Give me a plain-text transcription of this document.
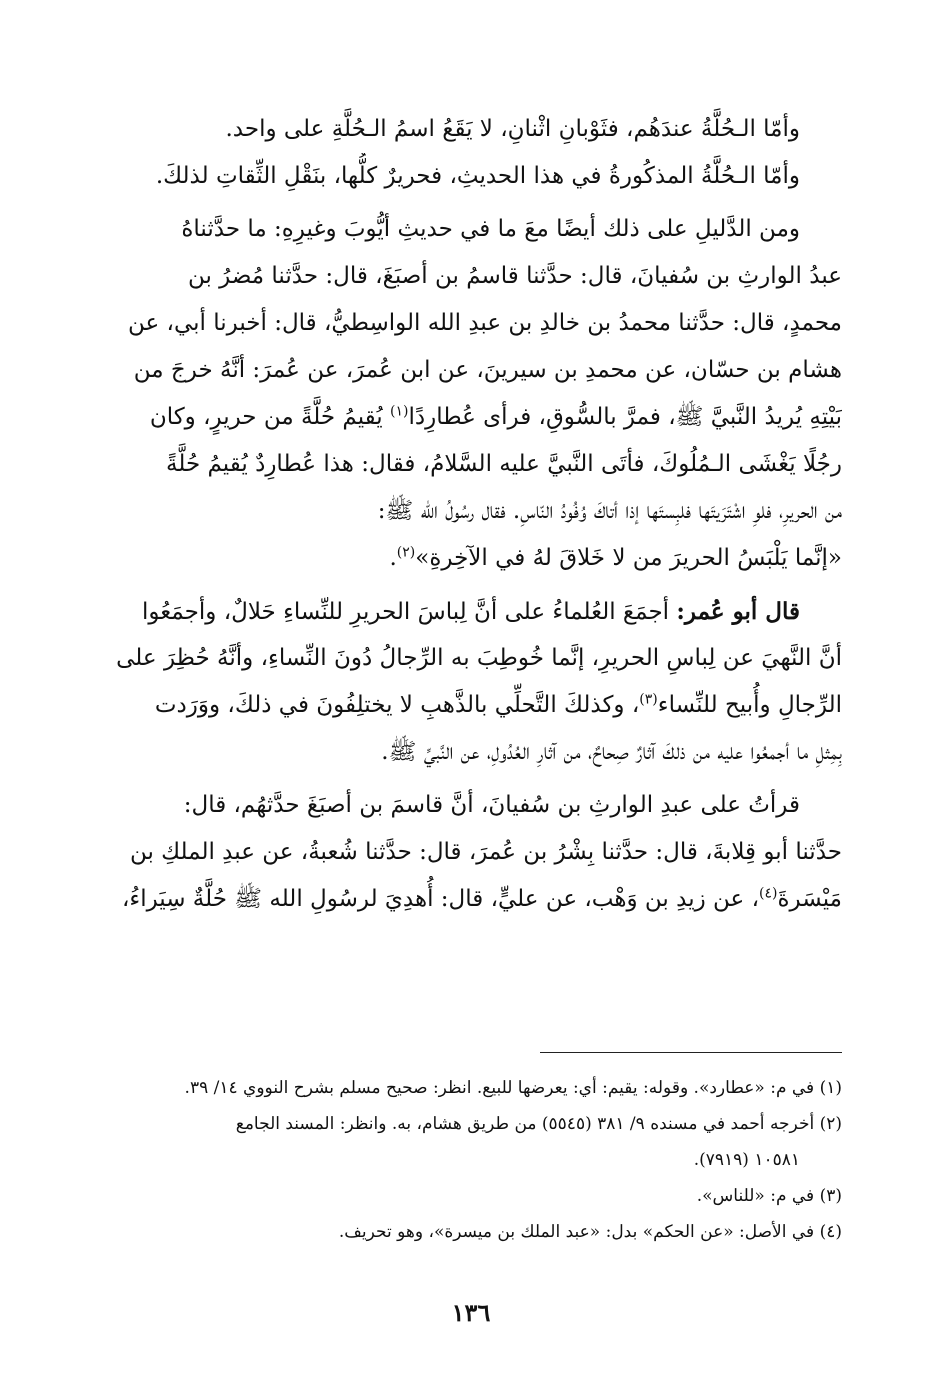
وأمّا الـحُلَّةُ عندَهُم، فثَوْبانِ اثْنانِ، لا يَقَعُ اسمُ الـحُلَّةِ على واحد.
وأمّا الـحُلَّةُ المذكُورةُ في هذا الحديثِ، فحريرٌ كلُّها، بنَقْلِ الثِّقاتِ لذلكَ.
ومن الدَّليلِ على ذلك أيضًا معَ ما في حديثِ أيُّوبَ وغيرِهِ: ما حدَّثناهُ
عبدُ الوارثِ بن سُفيانَ، قال: حدَّثنا قاسمُ بن أصبَغَ، قال: حدَّثنا مُضرُ بن
محمدٍ، قال: حدَّثنا محمدُ بن خالدِ بن عبدِ الله الواسِطيُّ، قال: أخبرنا أبي، عن
هشام بن حسّان، عن محمدِ بن سيرينَ، عن ابن عُمرَ، عن عُمرَ: أنَّهُ خرجَ من
بَيْتِهِ يُريدُ النَّبيَّ ﷺ، فمرَّ بالسُّوقِ، فرأى عُطارِدًا$^{(١)}$ يُقيمُ حُلَّةً من حريرٍ، وكان
رجُلًا يَغْشَى الـمُلُوكَ، فأتَى النَّبيَّ عليه السَّلامُ، فقال: هذا عُطارِدٌ يُقيمُ حُلَّةً
من الحريرِ، فلوِ اشْتَرَيتَها فلبِستَها إذا أتاكَ وُفُودُ النّاسِ. فقال رسُولُ الله ﷺ:
«إنَّما يَلْبَسُ الحريرَ من لا خَلاقَ لهُ في الآخِرةِ»$^{(٢)}$.
قال أبو عُمر: أجمَعَ العُلماءُ على أنَّ لِباسَ الحريرِ للنِّساءِ حَلالٌ، وأجمَعُوا
أنَّ النَّهيَ عن لِباسِ الحريرِ، إنَّما خُوطِبَ به الرِّجالُ دُونَ النِّساءِ، وأنَّهُ حُظِرَ على
الرِّجالِ وأُبيح للنِّساء$^{(٣)}$، وكذلكَ التَّحلِّي بالذَّهبِ لا يختلِفُونَ في ذلكَ، ووَرَدت
بِمِثلِ ما أجمعُوا عليه من ذلكَ آثارٌ صِحاحٌ، من آثارِ العُدُولِ، عن النَّبيِّ ﷺ.
قرأتُ على عبدِ الوارثِ بن سُفيانَ، أنَّ قاسمَ بن أصبَغَ حدَّثهُم، قال:
حدَّثنا أبو قِلابةَ، قال: حدَّثنا بِشْرُ بن عُمرَ، قال: حدَّثنا شُعبةُ، عن عبدِ الملكِ بن
مَيْسَرةَ$^{(٤)}$، عن زيدِ بن وَهْب، عن عليٍّ، قال: أُهدِيَ لرسُولِ الله ﷺ حُلَّةٌ سِيَراءُ،
(١) في م: «عطارد». وقوله: يقيم: أي: يعرضها للبيع. انظر: صحيح مسلم بشرح النووي ١٤/ ٣٩.
(٢) أخرجه أحمد في مسنده ٩/ ٣٨١ (٥٥٤٥) من طريق هشام، به. وانظر: المسند الجامع
١٠٥٨١ (٧٩١٩).
(٣) في م: «للناس».
(٤) في الأصل: «عن الحكم» بدل: «عبد الملك بن ميسرة»، وهو تحريف.
١٣٦
